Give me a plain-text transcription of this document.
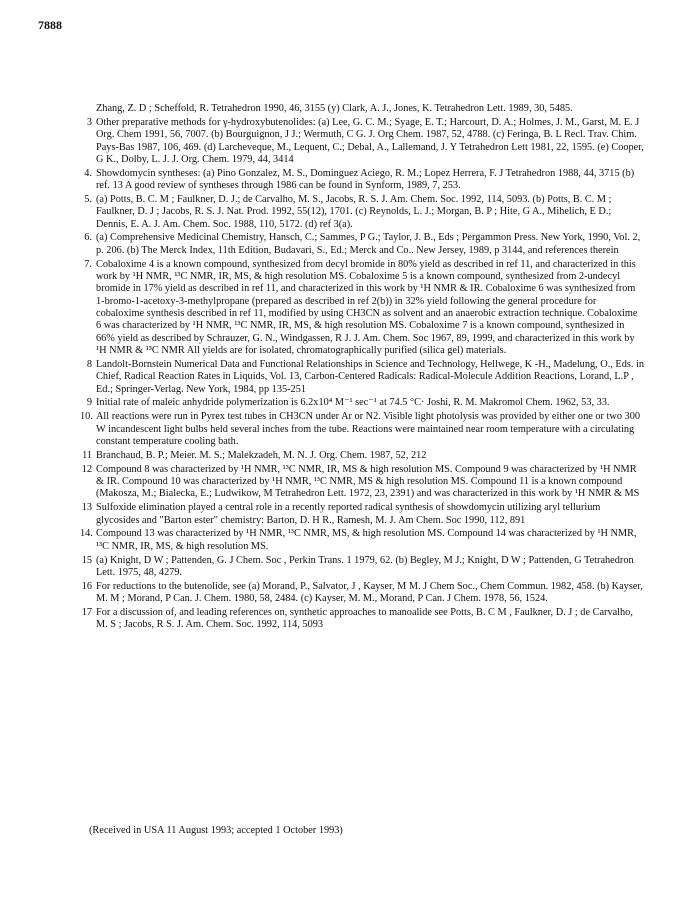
7888

Zhang, Z. D ; Scheffold, R. Tetrahedron 1990, 46, 3155 (y) Clark, A. J., Jones, K. Tetrahedron Lett. 1989, 30, 5485.

3 Other preparative methods for γ-hydroxybutenolides: (a) Lee, G. C. M.; Syage, E. T.; Harcourt, D. A.; Holmes, J. M., Garst, M. E. J Org. Chem 1991, 56, 7007. (b) Bourguignon, J J.; Wermuth, C G. J. Org Chem. 1987, 52, 4788. (c) Feringa, B. L Recl. Trav. Chim. Pays-Bas 1987, 106, 469. (d) Larcheveque, M., Lequent, C.; Debal, A., Lallemand, J. Y Tetrahedron Lett 1981, 22, 1595. (e) Cooper, G K., Dolby, L. J. J. Org. Chem. 1979, 44, 3414

4. Showdomycin syntheses: (a) Pino Gonzalez, M. S., Dominguez Aciego, R. M.; Lopez Herrera, F. J Tetrahedron 1988, 44, 3715 (b) ref. 13 A good review of syntheses through 1986 can be found in Synform, 1989, 7, 253.

5. (a) Potts, B. C. M ; Faulkner, D. J.; de Carvalho, M. S., Jacobs, R. S. J. Am. Chem. Soc. 1992, 114, 5093. (b) Potts, B. C. M ; Faulkner, D. J ; Jacobs, R. S. J. Nat. Prod. 1992, 55(12), 1701. (c) Reynolds, L. J.; Morgan, B. P ; Hite, G A., Mihelich, E D.; Dennis, E. A. J. Am. Chem. Soc. 1988, 110, 5172. (d) ref 3(a).

6. (a) Comprehensive Medicinal Chemistry, Hansch, C.; Sammes, P G.; Taylor, J. B., Eds ; Pergammon Press. New York, 1990, Vol. 2, p. 206. (b) The Merck Index, 11th Edition, Budavari, S., Ed.; Merck and Co.. New Jersey, 1989, p 3144, and references therein

7. Cobaloxime 4 is a known compound, synthesized from decyl bromide in 80% yield as described in ref 11, and characterized in this work by ¹H NMR, ¹³C NMR, IR, MS, & high resolution MS. Cobaloxime 5 is a known compound, synthesized from 2-undecyl bromide in 17% yield as described in ref 11, and characterized in this work by ¹H NMR & IR. Cobaloxime 6 was synthesized from 1-bromo-1-acetoxy-3-methylpropane (prepared as described in ref 2(b)) in 32% yield following the general procedure for cobaloxime synthesis described in ref 11, modified by using CH3CN as solvent and an anaerobic extraction technique. Cobaloxime 6 was characterized by ¹H NMR, ¹³C NMR, IR, MS, & high resolution MS. Cobaloxime 7 is a known compound, synthesized in 66% yield as described by Schrauzer, G. N., Windgassen, R J. J. Am. Chem. Soc 1967, 89, 1999, and characterized in this work by ¹H NMR & ¹³C NMR All yields are for isolated, chromatographically purified (silica gel) materials.

8 Landolt-Bornstein Numerical Data and Functional Relationships in Science and Technology, Hellwege, K -H., Madelung, O., Eds. in Chief, Radical Reaction Rates in Liquids, Vol. 13, Carbon-Centered Radicals: Radical-Molecule Addition Reactions, Lorand, L.P , Ed.; Springer-Verlag. New York, 1984, pp 135-251

9 Initial rate of maleic anhydride polymerization is 6.2x10⁴ M⁻¹ sec⁻¹ at 74.5 °C· Joshi, R. M. Makromol Chem. 1962, 53, 33.

10. All reactions were run in Pyrex test tubes in CH3CN under Ar or N2. Visible light photolysis was provided by either one or two 300 W incandescent light bulbs held several inches from the tube. Reactions were maintained near room temperature with a circulating constant temperature cooling bath.

11 Branchaud, B. P.; Meier. M. S.; Malekzadeh, M. N. J. Org. Chem. 1987, 52, 212

12 Compound 8 was characterized by ¹H NMR, ¹³C NMR, IR, MS & high resolution MS. Compound 9 was characterized by ¹H NMR & IR. Compound 10 was characterized by ¹H NMR, ¹³C NMR, MS & high resolution MS. Compound 11 is a known compound (Makosza, M.; Bialecka, E.; Ludwikow, M Tetrahedron Lett. 1972, 23, 2391) and was characterized in this work by ¹H NMR & MS

13 Sulfoxide elimination played a central role in a recently reported radical synthesis of showdomycin utilizing aryl tellurium glycosides and "Barton ester" chemistry: Barton, D. H R., Ramesh, M. J. Am Chem. Soc 1990, 112, 891

14. Compound 13 was characterized by ¹H NMR, ¹³C NMR, MS, & high resolution MS. Compound 14 was characterized by ¹H NMR, ¹³C NMR, IR, MS, & high resolution MS.

15 (a) Knight, D W ; Pattenden, G. J Chem. Soc , Perkin Trans. 1 1979, 62. (b) Begley, M J.; Knight, D W ; Pattenden, G Tetrahedron Lett. 1975, 48, 4279.

16 For reductions to the butenolide, see (a) Morand, P., Salvator, J , Kayser, M M. J Chem Soc., Chem Commun. 1982, 458. (b) Kayser, M. M ; Morand, P Can. J. Chem. 1980, 58, 2484. (c) Kayser, M. M., Morand, P Can. J Chem. 1978, 56, 1524.

17 For a discussion of, and leading references on, synthetic approaches to manoalide see Potts, B. C M , Faulkner, D. J ; de Carvalho, M. S ; Jacobs, R S. J. Am. Chem. Soc. 1992, 114, 5093

(Received in USA 11 August 1993; accepted 1 October 1993)
